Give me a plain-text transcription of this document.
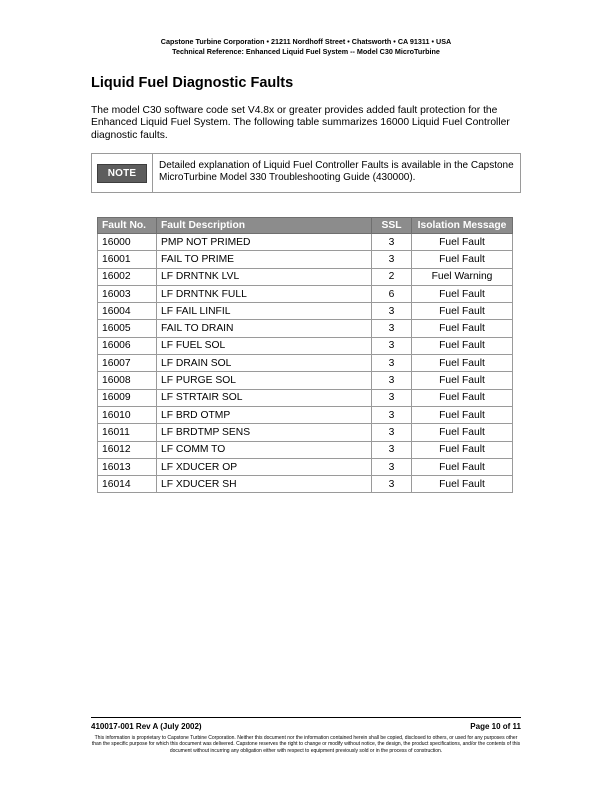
Capstone Turbine Corporation • 21211 Nordhoff Street • Chatsworth • CA 91311 • USA
Technical Reference: Enhanced Liquid Fuel System -- Model C30 MicroTurbine
Liquid Fuel Diagnostic Faults

The model C30 software code set V4.8x or greater provides added fault protection for the Enhanced Liquid Fuel System. The following table summarizes 16000 Liquid Fuel Controller diagnostic faults.

NOTE
Detailed explanation of Liquid Fuel Controller Faults is available in the Capstone MicroTurbine Model 330 Troubleshooting Guide (430000).
Fault No.	Fault Description	SSL	Isolation Message
16000	PMP NOT PRIMED	3	Fuel Fault
16001	FAIL TO PRIME	3	Fuel Fault
16002	LF DRNTNK LVL	2	Fuel Warning
16003	LF DRNTNK FULL	6	Fuel Fault
16004	LF FAIL LINFIL	3	Fuel Fault
16005	FAIL TO DRAIN	3	Fuel Fault
16006	LF FUEL SOL	3	Fuel Fault
16007	LF DRAIN SOL	3	Fuel Fault
16008	LF PURGE SOL	3	Fuel Fault
16009	LF STRTAIR SOL	3	Fuel Fault
16010	LF BRD OTMP	3	Fuel Fault
16011	LF BRDTMP SENS	3	Fuel Fault
16012	LF COMM TO	3	Fuel Fault
16013	LF XDUCER OP	3	Fuel Fault
16014	LF XDUCER SH	3	Fuel Fault
410017-001 Rev A (July 2002)	Page 10 of 11
This information is proprietary to Capstone Turbine Corporation. Neither this document nor the information contained herein shall be copied, disclosed to others, or used for any purposes other than the specific purpose for which this document was delivered. Capstone reserves the right to change or modify without notice, the design, the product specifications, and/or the contents of this document without incurring any obligation either with respect to equipment previously sold or in the process of construction.
